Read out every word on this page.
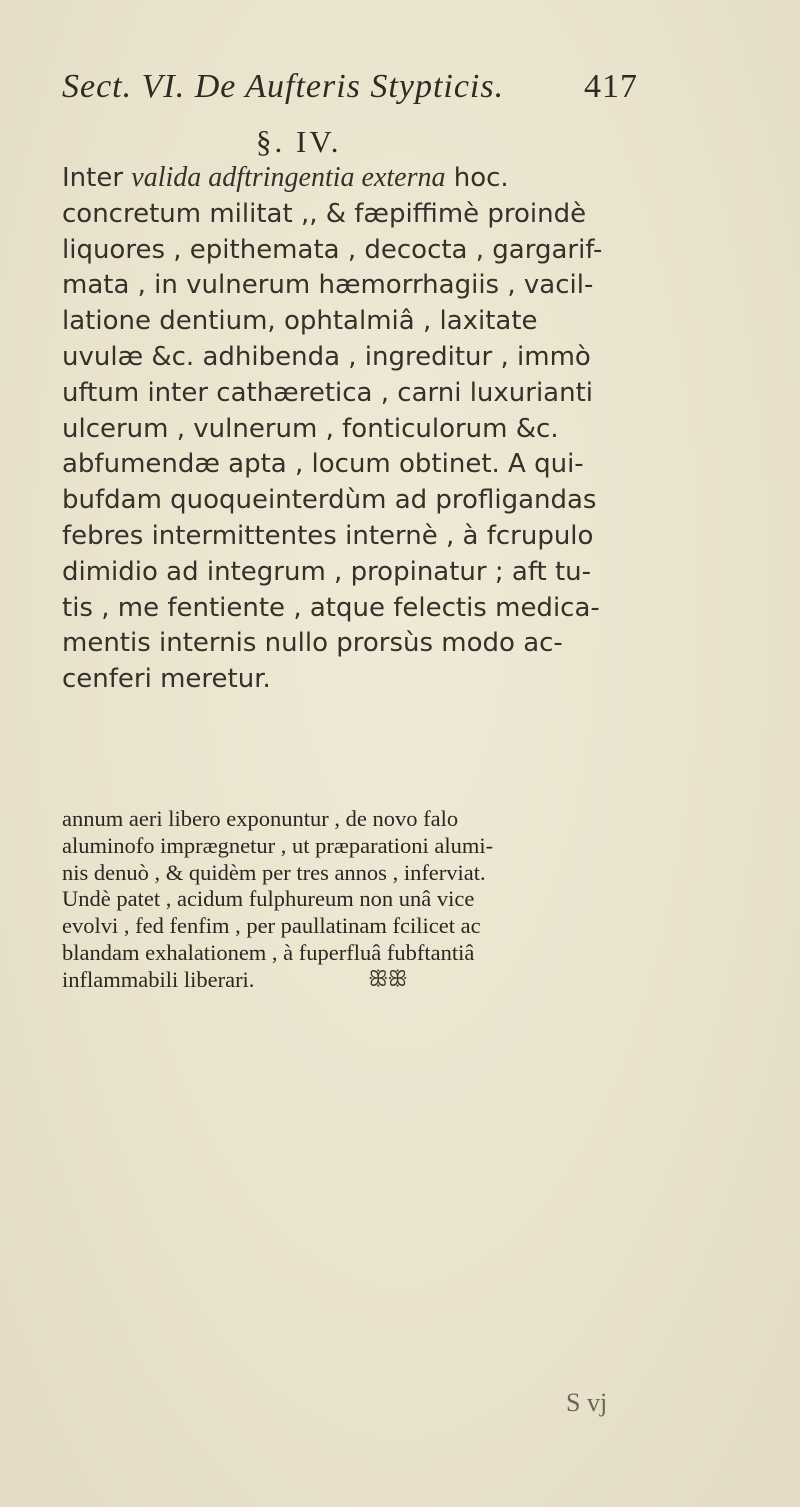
Sect. VI. De Aufteris Stypticis. 417
§. IV.
Inter valida adftringentia externa hoc.
concretum militat ,, & fæpiffimè proindè
liquores , epithemata , decocta , gargarif-
mata , in vulnerum hæmorrhagiis , vacil-
latione dentium, ophtalmiâ , laxitate
uvulæ &c. adhibenda , ingreditur , immò
uftum inter cathæretica , carni luxurianti
ulcerum , vulnerum , fonticulorum &c.
abfumendæ apta , locum obtinet. A qui-
bufdam quoqueinterdùm ad profligandas
febres intermittentes internè , à fcrupulo
dimidio ad integrum , propinatur ; aft tu-
tis , me fentiente , atque felectis medica-
mentis internis nullo prorsùs modo ac-
cenferi meretur.
annum aeri libero exponuntur , de novo falo
aluminofo imprægnetur , ut præparationi alumi-
nis denuò , & quidèm per tres annos , inferviat.
Undè patet , acidum fulphureum non unâ vice
evolvi , fed fenfim , per paullatinam fcilicet ac
blandam exhalationem , à fuperfluâ fubftantiâ
inflammabili liberari.	ꕥꕥ
S vj
